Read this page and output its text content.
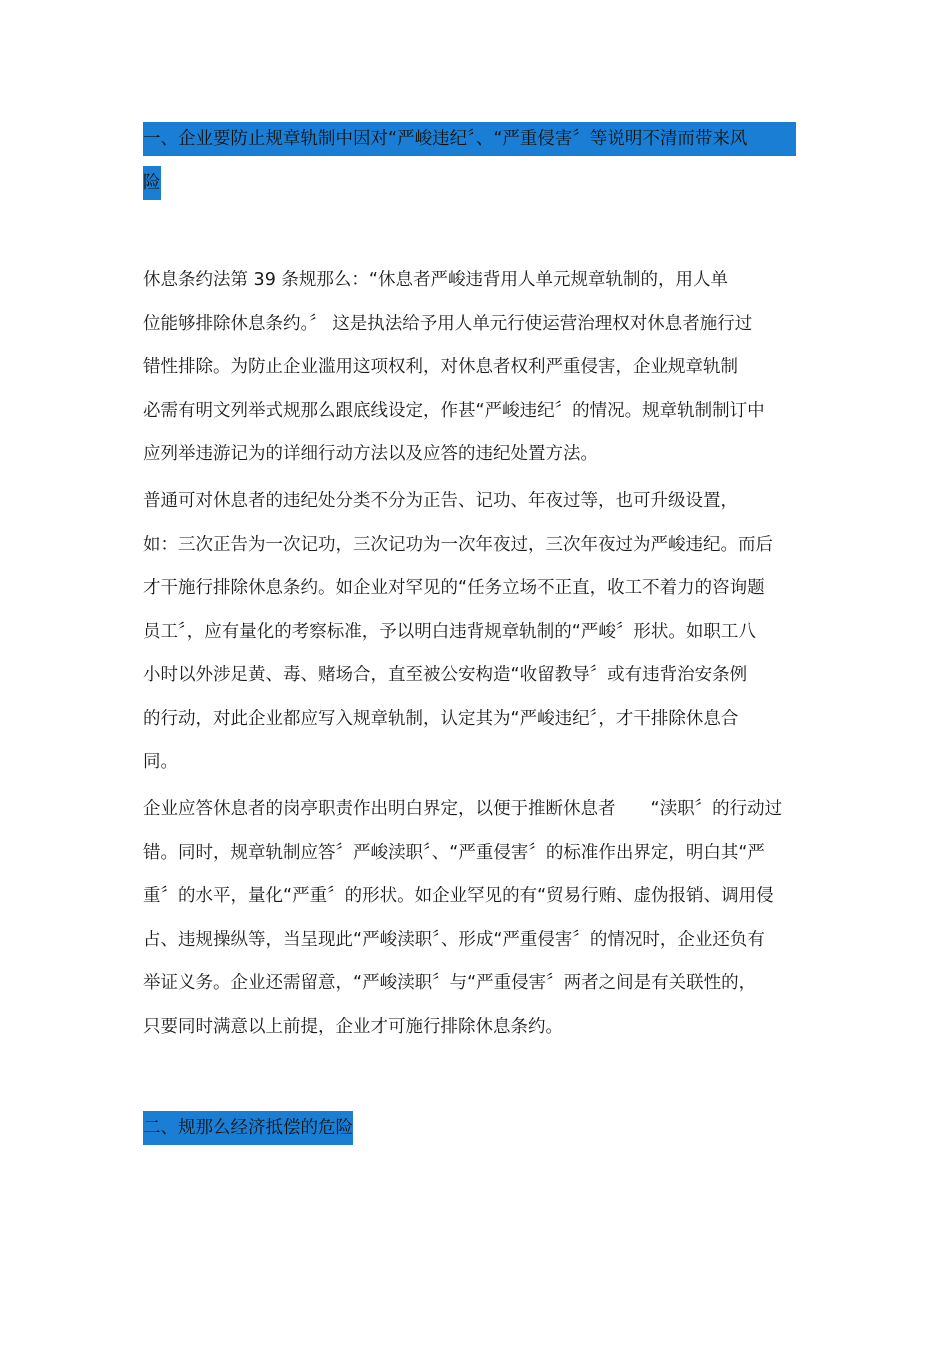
一、企业要防止规章轨制中因对“严峻违纪〞、“严重侵害〞等说明不清而带来风
险

休息条约法第 39 条规那么：“休息者严峻违背用人单元规章轨制的，用人单
位能够排除休息条约。〞 这是执法给予用人单元行使运营治理权对休息者施行过
错性排除。为防止企业滥用这项权利，对休息者权利严重侵害，企业规章轨制
必需有明文列举式规那么跟底线设定，作甚“严峻违纪〞的情况。规章轨制制订中
应列举违游记为的详细行动方法以及应答的违纪处置方法。

普通可对休息者的违纪处分类不分为正告、记功、年夜过等，也可升级设置，
如：三次正告为一次记功，三次记功为一次年夜过，三次年夜过为严峻违纪。而后
才干施行排除休息条约。如企业对罕见的“任务立场不正直，收工不着力的咨询题
员工〞，应有量化的考察标准，予以明白违背规章轨制的“严峻〞形状。如职工八
小时以外涉足黄、毒、赌场合，直至被公安构造“收留教导〞或有违背治安条例
的行动，对此企业都应写入规章轨制，认定其为“严峻违纪〞，才干排除休息合
同。

企业应答休息者的岗亭职责作出明白界定，以便于推断休息者　　“渎职〞的行动过
错。同时，规章轨制应答〞严峻渎职〞、“严重侵害〞的标准作出界定，明白其“严
重〞的水平，量化“严重〞的形状。如企业罕见的有“贸易行贿、虚伪报销、调用侵
占、违规操纵等，当呈现此“严峻渎职〞、形成“严重侵害〞的情况时，企业还负有
举证义务。企业还需留意，“严峻渎职〞与“严重侵害〞两者之间是有关联性的，
只要同时满意以上前提，企业才可施行排除休息条约。

二、规那么经济抵偿的危险
